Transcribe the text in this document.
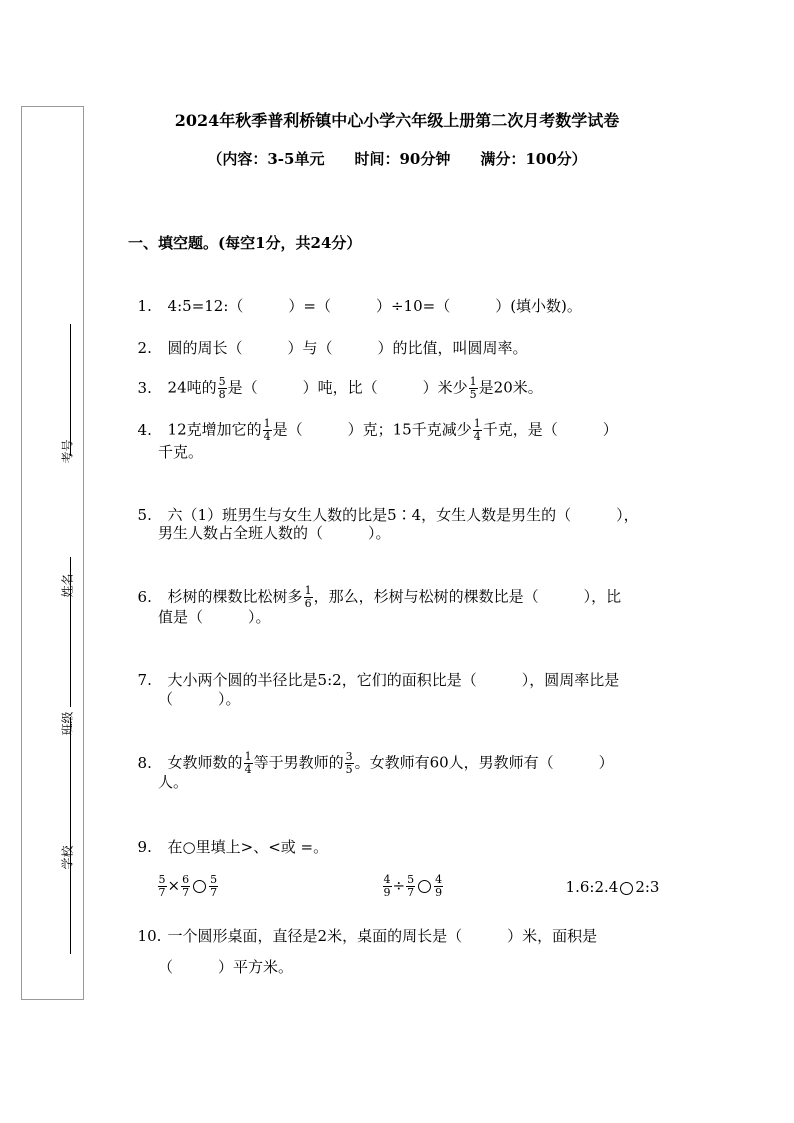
考号
姓名
班级
学校
2024年秋季普利桥镇中心小学六年级上册第二次月考数学试卷
（内容：3-5单元　　时间：90分钟　　满分：100分）
一、填空题。(每空1分，共24分）

1. 4:5=12:（　　　）=（　　　）÷10=（　　　）(填小数)。

2. 圆的周长（　　　）与（　　　）的比值，叫圆周率。

3. 24吨的 $\frac{5}{8}$ 是（　　　）吨，比（　　　）米少 $\frac{1}{5}$ 是20米。

4. 12克增加它的 $\frac{1}{4}$ 是（　　　）克；15千克减少 $\frac{1}{4}$ 千克，是（　　　）

千克。

5. 六（1）班男生与女生人数的比是5∶4，女生人数是男生的（　　　），

男生人数占全班人数的（　　　）。

6. 杉树的棵数比松树多 $\frac{1}{6}$ ，那么，杉树与松树的棵数比是（　　　），比

值是（　　　）。

7. 大小两个圆的半径比是5:2，它们的面积比是（　　　），圆周率比是

（　　　）。

8. 女教师数的 $\frac{1}{4}$ 等于男教师的 $\frac{3}{5}$ 。女教师有60人，男教师有（　　　）

人。

9. 在○里填上>、<或 =。

$\frac{5}{7} \times \frac{6}{7} \frac{5}{7}$

	$\frac{4}{9} \div \frac{5}{7} \frac{4}{9}$	1.6:2.4 2:3

10. 一个圆形桌面，直径是2米，桌面的周长是（　　　）米，面积是

（　　　）平方米。
